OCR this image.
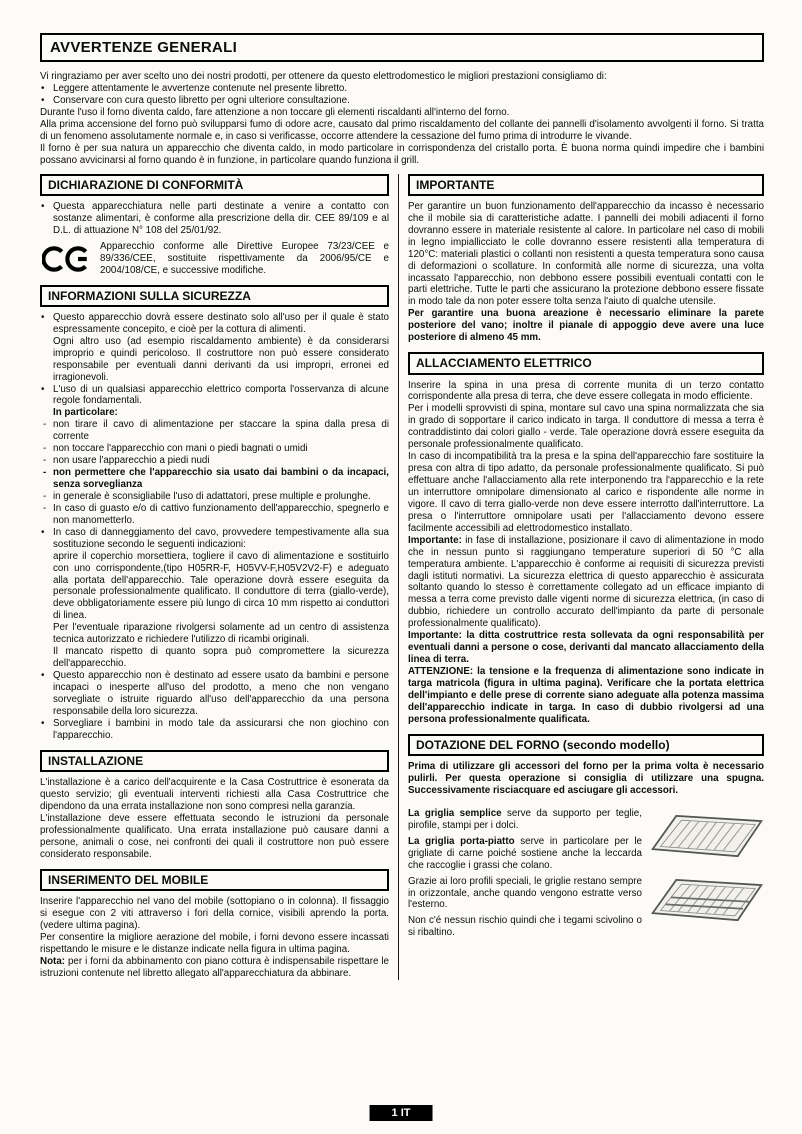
AVVERTENZE GENERALI
Vi ringraziamo per aver scelto uno dei nostri prodotti, per ottenere da questo elettrodomestico le migliori prestazioni consigliamo di:
• Leggere attentamente le avvertenze contenute nel presente libretto.
• Conservare con cura questo libretto per ogni ulteriore consultazione.
Durante l'uso il forno diventa caldo, fare attenzione a non toccare gli elementi riscaldanti all'interno del forno.
Alla prima accensione del forno può svilupparsi fumo di odore acre, causato dal primo riscaldamento del collante dei pannelli d'isolamento avvolgenti il forno. Si tratta di un fenomeno assolutamente normale e, in caso si verificasse, occorre attendere la cessazione del fumo prima di introdurre le vivande.
Il forno è per sua natura un apparecchio che diventa caldo, in modo particolare in corrispondenza del cristallo porta. È buona norma quindi impedire che i bambini possano avvicinarsi al forno quando è in funzione, in particolare quando funziona il grill.
DICHIARAZIONE DI CONFORMITÀ
• Questa apparecchiatura nelle parti destinate a venire a contatto con sostanze alimentari, è conforme alla prescrizione della dir. CEE 89/109 e al D.L. di attuazione N° 108 del 25/01/92.
Apparecchio conforme alle Direttive Europee 73/23/CEE e 89/336/CEE, sostituite rispettivamente da 2006/95/CE e 2004/108/CE, e successive modifiche.
INFORMAZIONI SULLA SICUREZZA
• Questo apparecchio dovrà essere destinato solo all'uso per il quale è stato espressamente concepito, e cioè per la cottura di alimenti.
Ogni altro uso (ad esempio riscaldamento ambiente) è da considerarsi improprio e quindi pericoloso. Il costruttore non può essere considerato responsabile per eventuali danni derivanti da usi impropri, erronei ed irragionevoli.
• L'uso di un qualsiasi apparecchio elettrico comporta l'osservanza di alcune regole fondamentali.
In particolare:
- non tirare il cavo di alimentazione per staccare la spina dalla presa di corrente
- non toccare l'apparecchio con mani o piedi bagnati o umidi
- non usare l'apparecchio a piedi nudi
- non permettere che l'apparecchio sia usato dai bambini o da incapaci, senza sorveglianza
- in generale è sconsigliabile l'uso di adattatori, prese multiple e prolunghe.
- In caso di guasto e/o di cattivo funzionamento dell'apparecchio, spegnerlo e non manometterlo.
• In caso di danneggiamento del cavo, provvedere tempestivamente alla sua sostituzione secondo le seguenti indicazioni:
aprire il coperchio morsettiera, togliere il cavo di alimentazione e sostituirlo con uno corrispondente,(tipo H05RR-F, H05VV-F,H05V2V2-F) e adeguato alla portata dell'apparecchio. Tale operazione dovrà essere eseguita da personale professionalmente qualificato. Il conduttore di terra (giallo-verde), deve obbligatoriamente essere più lungo di circa 10 mm rispetto ai conduttori di linea.
Per l'eventuale riparazione rivolgersi solamente ad un centro di assistenza tecnica autorizzato e richiedere l'utilizzo di ricambi originali.
Il mancato rispetto di quanto sopra può compromettere la sicurezza dell'apparecchio.
• Questo apparecchio non è destinato ad essere usato da bambini e persone incapaci o inesperte all'uso del prodotto, a meno che non vengano sorvegliate o istruite riguardo all'uso dell'apparecchio da una persona responsabile della loro sicurezza.
• Sorvegliare i bambini in modo tale da assicurarsi che non giochino con l'apparecchio.
INSTALLAZIONE
L'installazione è a carico dell'acquirente e la Casa Costruttrice è esonerata da questo servizio; gli eventuali interventi richiesti alla Casa Costruttrice che dipendono da una errata installazione non sono compresi nella garanzia.
L'installazione deve essere effettuata secondo le istruzioni da personale professionalmente qualificato. Una errata installazione può causare danni a persone, animali o cose, nei confronti dei quali il costruttore non può essere considerato responsabile.
INSERIMENTO DEL MOBILE
Inserire l'apparecchio nel vano del mobile (sottopiano o in colonna). Il fissaggio si esegue con 2 viti attraverso i fori della cornice, visibili aprendo la porta.(vedere ultima pagina).
Per consentire la migliore aerazione del mobile, i forni devono essere incassati rispettando le misure e le distanze indicate nella figura in ultima pagina.
Nota: per i forni da abbinamento con piano cottura è indispensabile rispettare le istruzioni contenute nel libretto allegato all'apparecchiatura da abbinare.
IMPORTANTE
Per garantire un buon funzionamento dell'apparecchio da incasso è necessario che il mobile sia di caratteristiche adatte. I pannelli dei mobili adiacenti il forno dovranno essere in materiale resistente al calore. In particolare nel caso di mobili in legno impiallicciato le colle dovranno essere resistenti alla temperatura di 120°C: materiali plastici o collanti non resistenti a questa temperatura sono causa di deformazioni o scollature. In conformità alle norme di sicurezza, una volta incassato l'apparecchio, non debbono essere possibili eventuali contatti con le parti elettriche. Tutte le parti che assicurano la protezione debbono essere fissate in modo tale da non poter essere tolta senza l'aiuto di qualche utensile.
Per garantire una buona areazione è necessario eliminare la parete posteriore del vano; inoltre il pianale di appoggio deve avere una luce posteriore di almeno 45 mm.
ALLACCIAMENTO ELETTRICO
Inserire la spina in una presa di corrente munita di un terzo contatto corrispondente alla presa di terra, che deve essere collegata in modo efficiente.
Per i modelli sprovvisti di spina, montare sul cavo una spina normalizzata che sia in grado di sopportare il carico indicato in targa. Il conduttore di messa a terra è contraddistinto dai colori giallo - verde. Tale operazione dovrà essere eseguita da personale professionalmente qualificato.
In caso di incompatibilità tra la presa e la spina dell'apparecchio fare sostituire la presa con altra di tipo adatto, da personale professionalmente qualificato. Si può effettuare anche l'allacciamento alla rete interponendo tra l'apparecchio e la rete un interruttore omnipolare dimensionato al carico e rispondente alle norme in vigore. Il cavo di terra giallo-verde non deve essere interrotto dall'interruttore. La presa o l'interruttore omnipolare usati per l'allacciamento devono essere facilmente accessibili ad elettrodomestico installato.
Importante: in fase di installazione, posizionare il cavo di alimentazione in modo che in nessun punto si raggiungano temperature superiori di 50 °C alla temperatura ambiente. L'apparecchio è conforme ai requisiti di sicurezza previsti dagli istituti normativi. La sicurezza elettrica di questo apparecchio è assicurata soltanto quando lo stesso è correttamente collegato ad un efficace impianto di messa a terra come previsto dalle vigenti norme di sicurezza elettrica, (in caso di dubbio, richiedere un controllo accurato dell'impianto da parte di personale professionalmente qualificato).
Importante: la ditta costruttrice resta sollevata da ogni responsabilità per eventuali danni a persone o cose, derivanti dal mancato allacciamento della linea di terra.
ATTENZIONE: la tensione e la frequenza di alimentazione sono indicate in targa matricola (figura in ultima pagina). Verificare che la portata elettrica dell'impianto e delle prese di corrente siano adeguate alla potenza massima dell'apparecchio indicate in targa. In caso di dubbio rivolgersi ad una persona professionalmente qualificata.
DOTAZIONE DEL FORNO (secondo modello)
Prima di utilizzare gli accessori del forno per la prima volta è necessario pulirli. Per questa operazione si consiglia di utilizzare una spugna. Successivamente risciacquare ed asciugare gli accessori.
La griglia semplice serve da supporto per teglie, pirofile, stampi per i dolci.
La griglia porta-piatto serve in particolare per le grigliate di carne poiché sostiene anche la leccarda che raccoglie i grassi che colano.
Grazie ai loro profili speciali, le griglie restano sempre in orizzontale, anche quando vengono estratte verso l'esterno.
Non c'é nessun rischio quindi che i tegami scivolino o si ribaltino.
1 IT
